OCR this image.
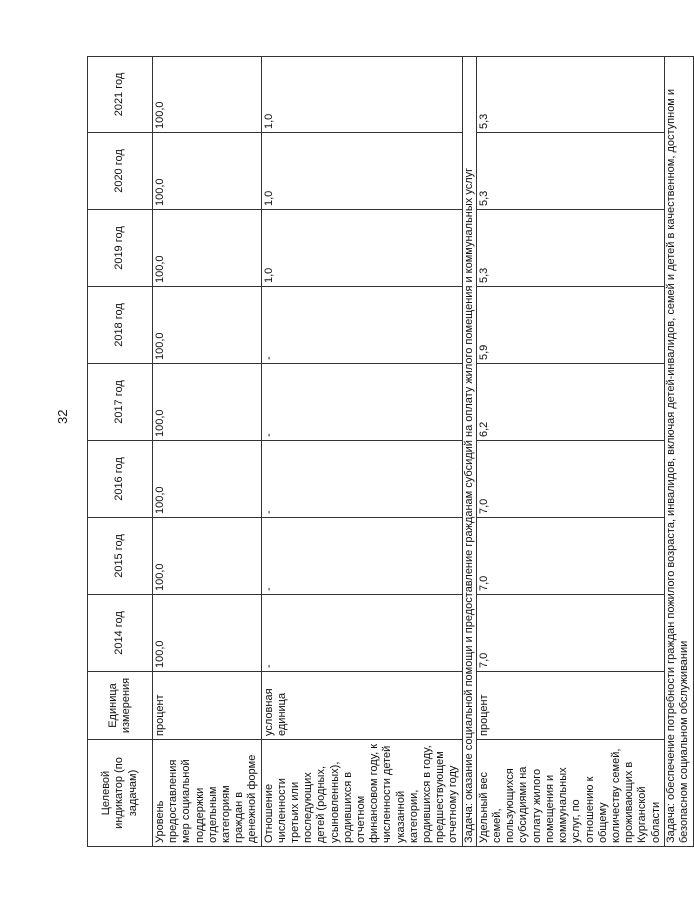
32
Целевой индикатор (по задачам)	Единица измерения	2014 год	2015 год	2016 год	2017 год	2018 год	2019 год	2020 год	2021 год
Уровень предоставления мер социальной поддержки отдельным категориям граждан в денежной форме	процент	100,0	100,0	100,0	100,0	100,0	100,0	100,0	100,0
Отношение численности третьих или последующих детей (родных, усыновленных), родившихся в отчетном финансовом году, к численности детей указанной категории, родившихся в году, предшествующем отчетному году	условная единица	-	-	-	-	-	1,0	1,0	1,0
Задача: оказание социальной помощи и предоставление гражданам субсидий на оплату жилого помещения и коммунальных услуг									
Удельный вес семей, пользующихся субсидиями на оплату жилого помещения и коммунальных услуг, по отношению к общему количеству семей, проживающих в Курганской области	процент	7,0	7,0	7,0	6,2	5,9	5,3	5,3	5,3
Задача: обеспечение потребности граждан пожилого возраста, инвалидов, включая детей-инвалидов, семей и детей в качественном, доступном и безопасном социальном обслуживании									
